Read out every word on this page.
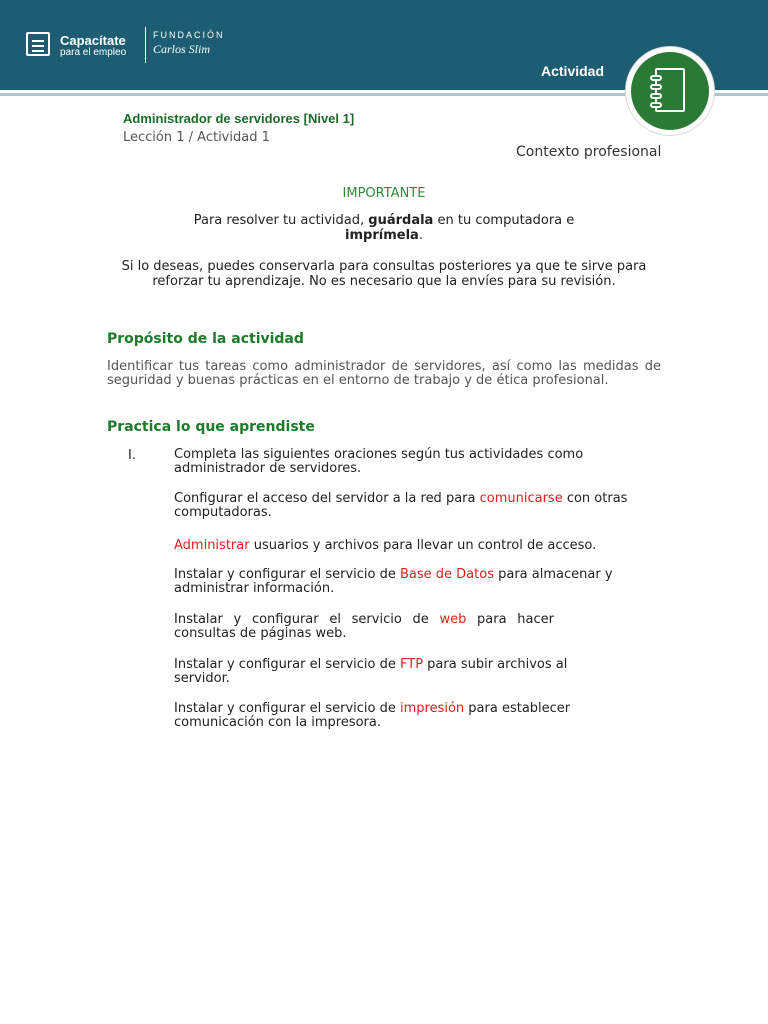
Capacítate
para el empleo
FUNDACIÓN
Carlos Slim
Actividad
Administrador de servidores [Nivel 1]
Lección 1 / Actividad 1
Contexto profesional
IMPORTANTE
Para resolver tu actividad, guárdala en tu computadora e
imprímela.
Si lo deseas, puedes conservarla para consultas posteriores ya que te sirve para reforzar tu aprendizaje. No es necesario que la envíes para su revisión.
Propósito de la actividad
Identificar tus tareas como administrador de servidores, así como las medidas de seguridad y buenas prácticas en el entorno de trabajo y de ética profesional.
Practica lo que aprendiste
I.	Completa las siguientes oraciones según tus actividades como administrador de servidores.
Configurar el acceso del servidor a la red para comunicarse con otras computadoras.
Administrar usuarios y archivos para llevar un control de acceso.
Instalar y configurar el servicio de Base de Datos para almacenar y administrar información.
Instalar y configurar el servicio de web para hacer consultas de páginas web.
Instalar y configurar el servicio de FTP para subir archivos al servidor.
Instalar y configurar el servicio de impresión para establecer comunicación con la impresora.
